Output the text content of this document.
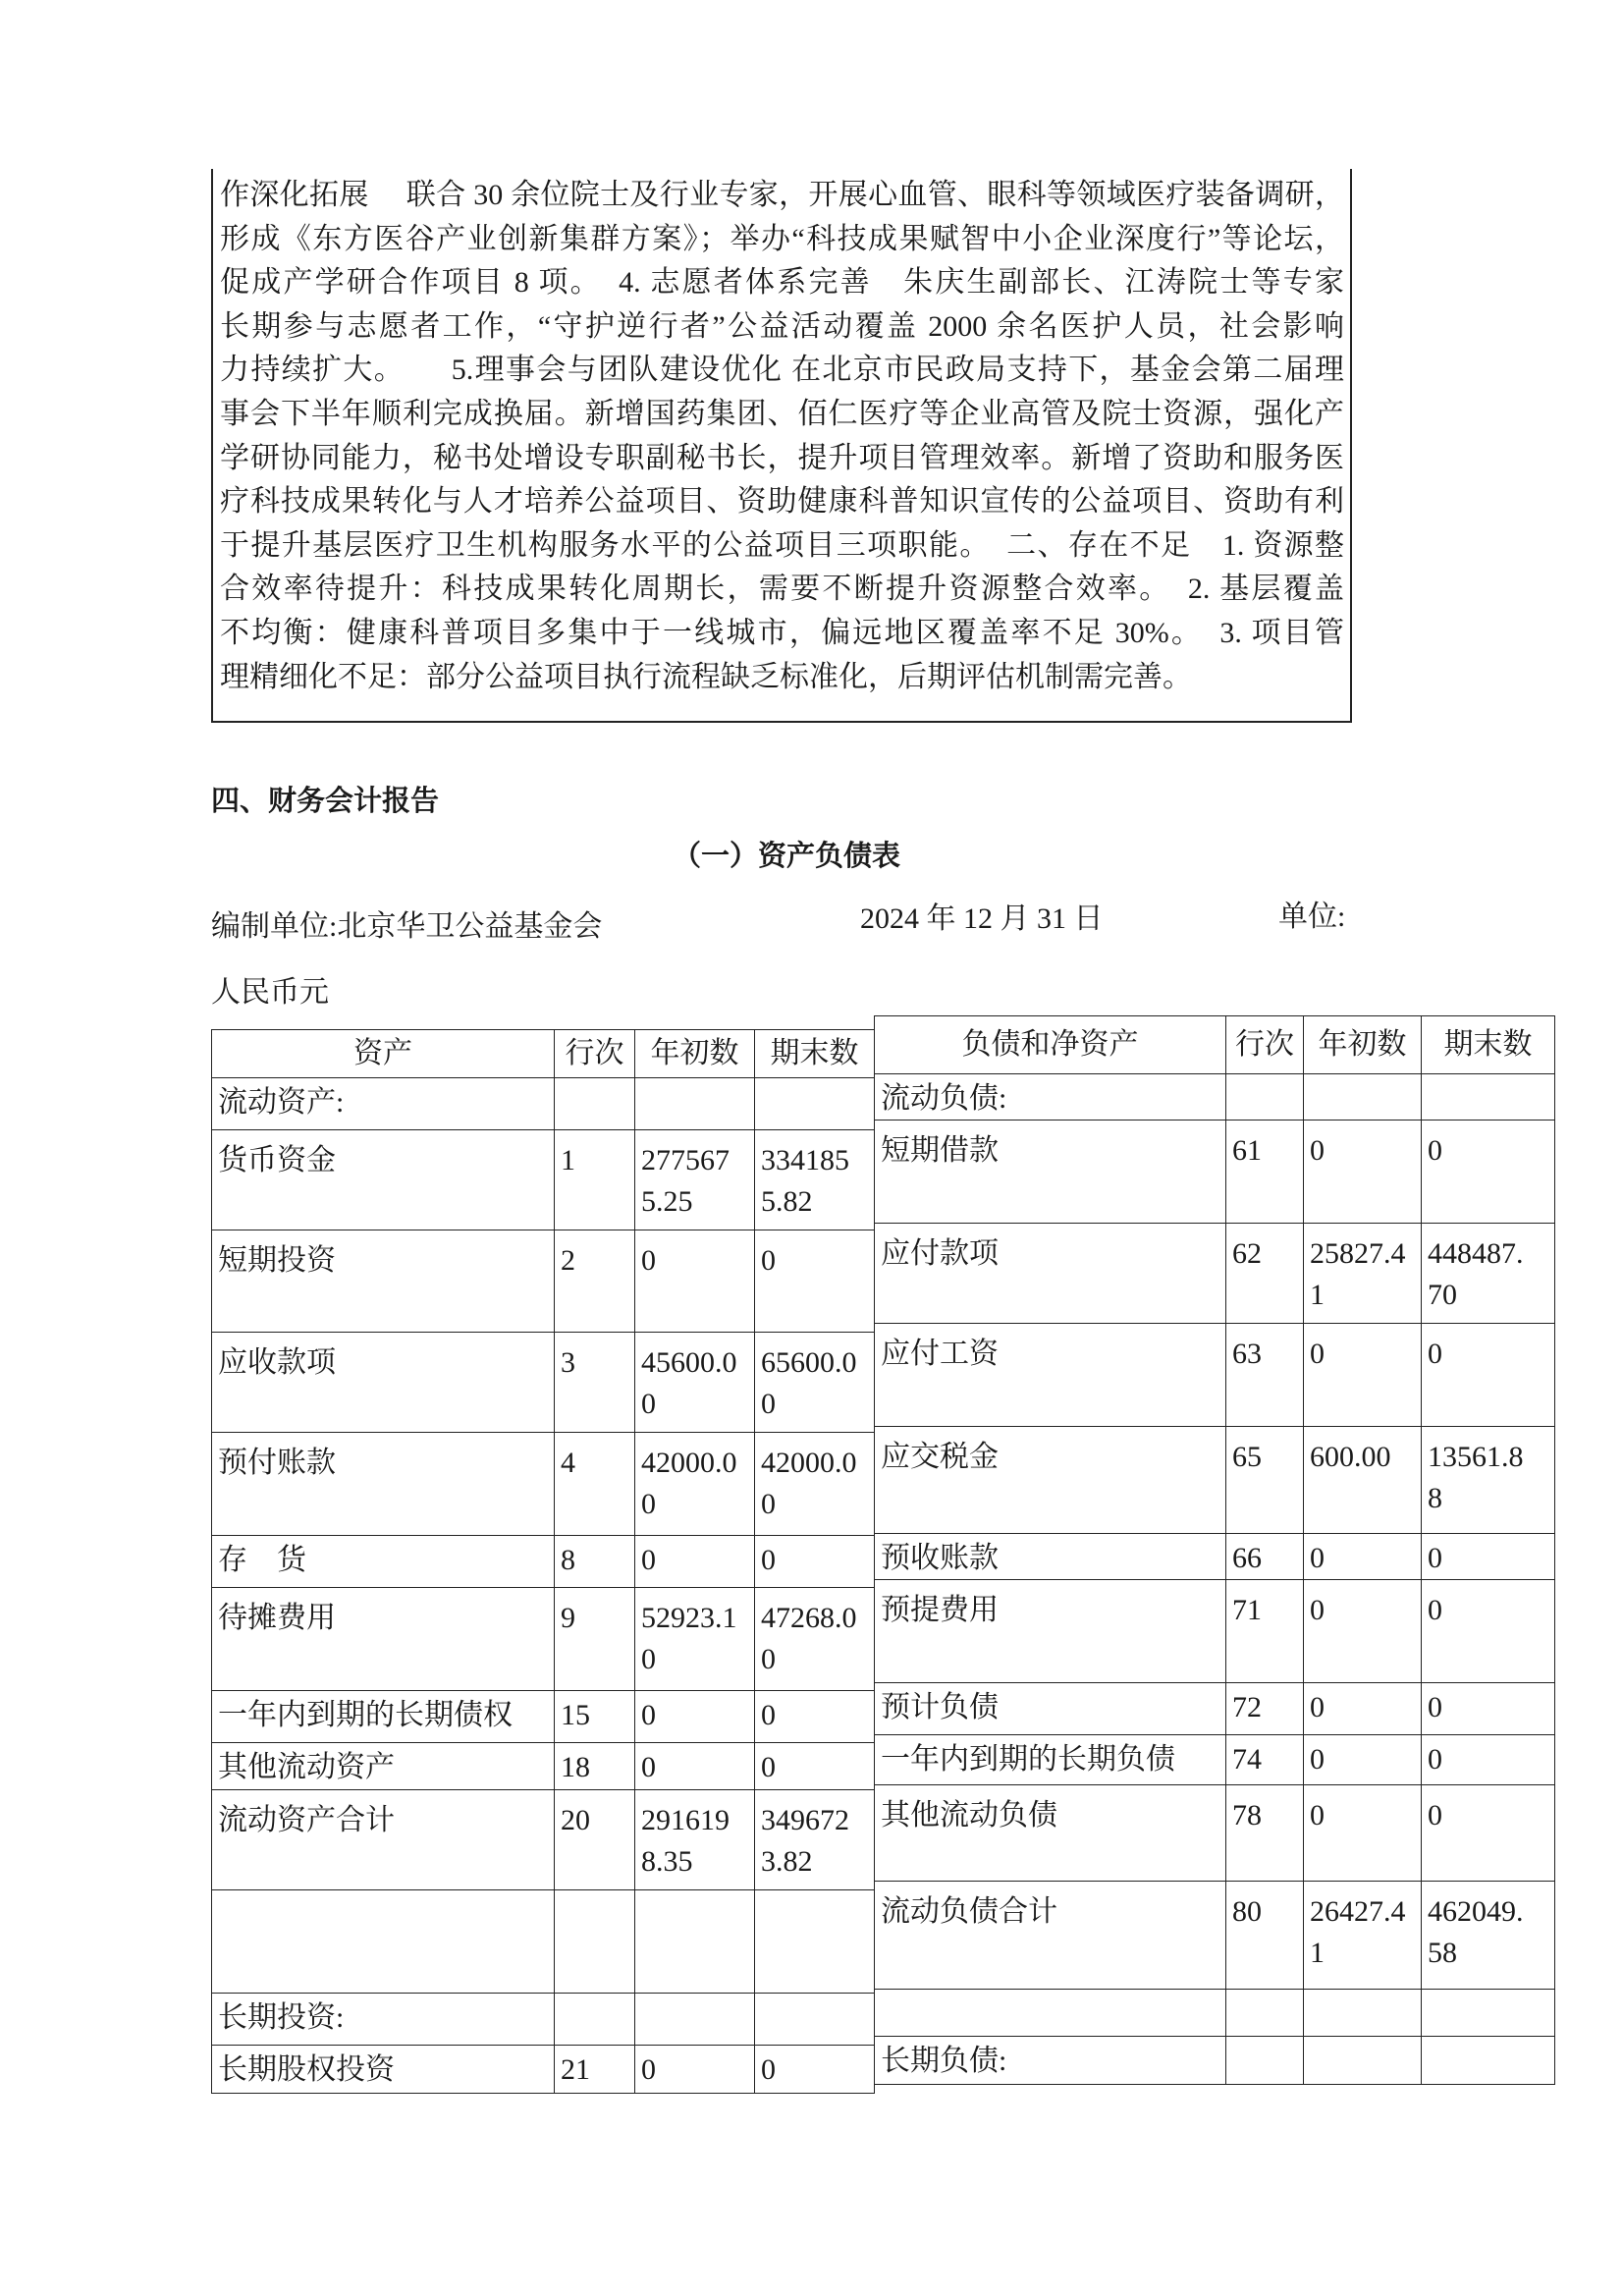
作深化拓展　 联合 30 余位院士及行业专家，开展心血管、眼科等领域医疗装备调研，
形成《东方医谷产业创新集群方案》；举办“科技成果赋智中小企业深度行”等论坛，
促成产学研合作项目 8 项。　4. 志愿者体系完善　朱庆生副部长、江涛院士等专家
长期参与志愿者工作，“守护逆行者”公益活动覆盖 2000 余名医护人员，社会影响
力持续扩大。　　5.理事会与团队建设优化 在北京市民政局支持下，基金会第二届理
事会下半年顺利完成换届。新增国药集团、佰仁医疗等企业高管及院士资源，强化产
学研协同能力，秘书处增设专职副秘书长，提升项目管理效率。新增了资助和服务医
疗科技成果转化与人才培养公益项目、资助健康科普知识宣传的公益项目、资助有利
于提升基层医疗卫生机构服务水平的公益项目三项职能。　二、存在不足　1. 资源整
合效率待提升：科技成果转化周期长，需要不断提升资源整合效率。　2. 基层覆盖
不均衡：健康科普项目多集中于一线城市，偏远地区覆盖率不足 30%。　3. 项目管
理精细化不足：部分公益项目执行流程缺乏标准化，后期评估机制需完善。
四、财务会计报告
（一）资产负债表
编制单位:北京华卫公益基金会	2024 年 12 月 31 日	单位:
人民币元
资产	行次	年初数	期末数
流动资产:		

货币资金	1	2775675.25	3341855.82

短期投资	2	0	0

应收款项	3	45600.00	65600.00

预付账款	4	42000.00	42000.00

存　货	8	0	0

待摊费用	9	52923.10	47268.00

一年内到期的长期债权	15	0	0

其他流动资产	18	0	0

流动资产合计	20	2916198.35	3496723.82

长期投资:		

长期股权投资	21	0	0
负债和净资产	行次	年初数	期末数
流动负债:		

短期借款	61	0	0

应付款项	62	25827.41	448487.70

应付工资	63	0	0

应交税金	65	600.00	13561.88

预收账款	66	0	0

预提费用	71	0	0

预计负债	72	0	0

一年内到期的长期负债	74	0	0

其他流动负债	78	0	0

流动负债合计	80	26427.41	462049.58

长期负债:		
